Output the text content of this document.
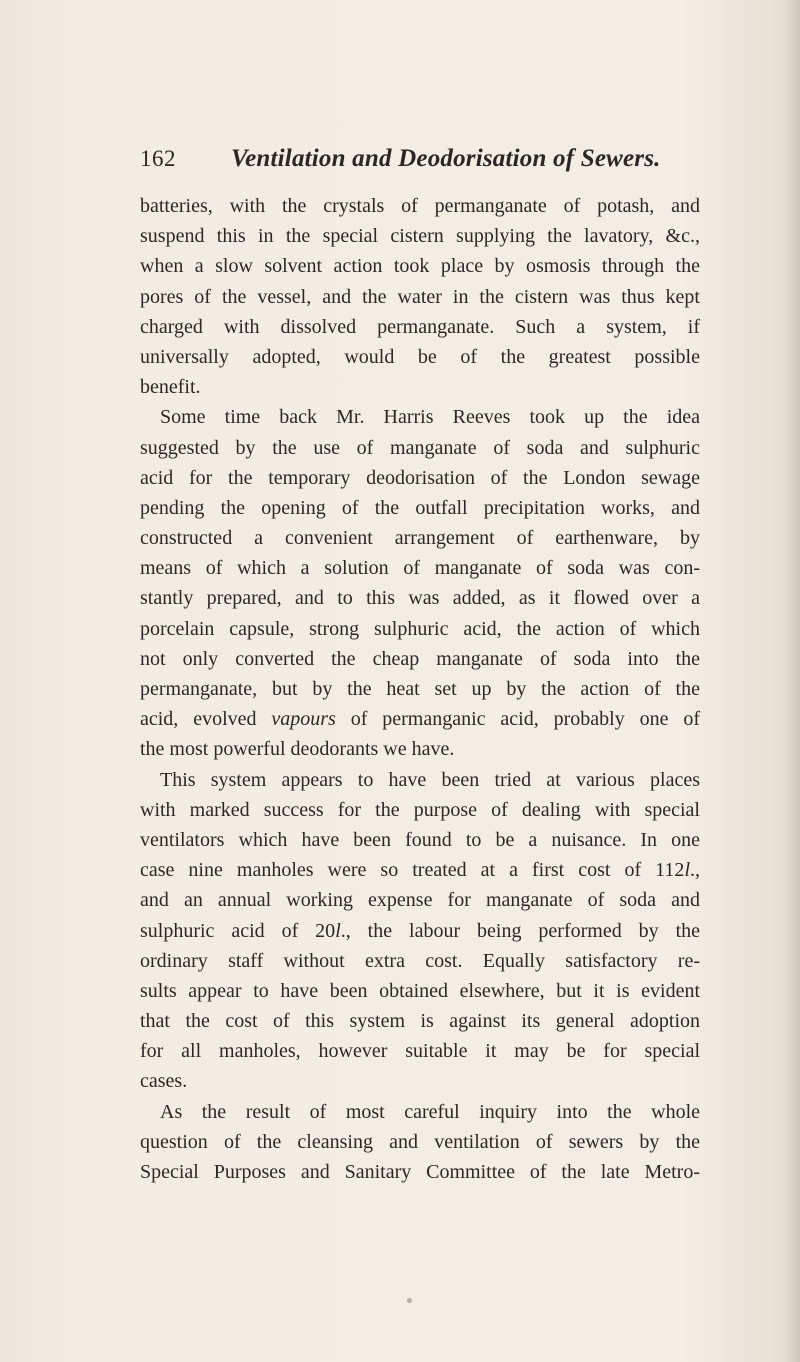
162 Ventilation and Deodorisation of Sewers.
batteries, with the crystals of permanganate of potash, and
suspend this in the special cistern supplying the lavatory, &c.,
when a slow solvent action took place by osmosis through the
pores of the vessel, and the water in the cistern was thus kept
charged with dissolved permanganate. Such a system, if
universally adopted, would be of the greatest possible
benefit.
Some time back Mr. Harris Reeves took up the idea
suggested by the use of manganate of soda and sulphuric
acid for the temporary deodorisation of the London sewage
pending the opening of the outfall precipitation works, and
constructed a convenient arrangement of earthenware, by
means of which a solution of manganate of soda was con-
stantly prepared, and to this was added, as it flowed over a
porcelain capsule, strong sulphuric acid, the action of which
not only converted the cheap manganate of soda into the
permanganate, but by the heat set up by the action of the
acid, evolved vapours of permanganic acid, probably one of
the most powerful deodorants we have.
This system appears to have been tried at various places
with marked success for the purpose of dealing with special
ventilators which have been found to be a nuisance. In one
case nine manholes were so treated at a first cost of 112l.,
and an annual working expense for manganate of soda and
sulphuric acid of 20l., the labour being performed by the
ordinary staff without extra cost. Equally satisfactory re-
sults appear to have been obtained elsewhere, but it is evident
that the cost of this system is against its general adoption
for all manholes, however suitable it may be for special
cases.
As the result of most careful inquiry into the whole
question of the cleansing and ventilation of sewers by the
Special Purposes and Sanitary Committee of the late Metro-
